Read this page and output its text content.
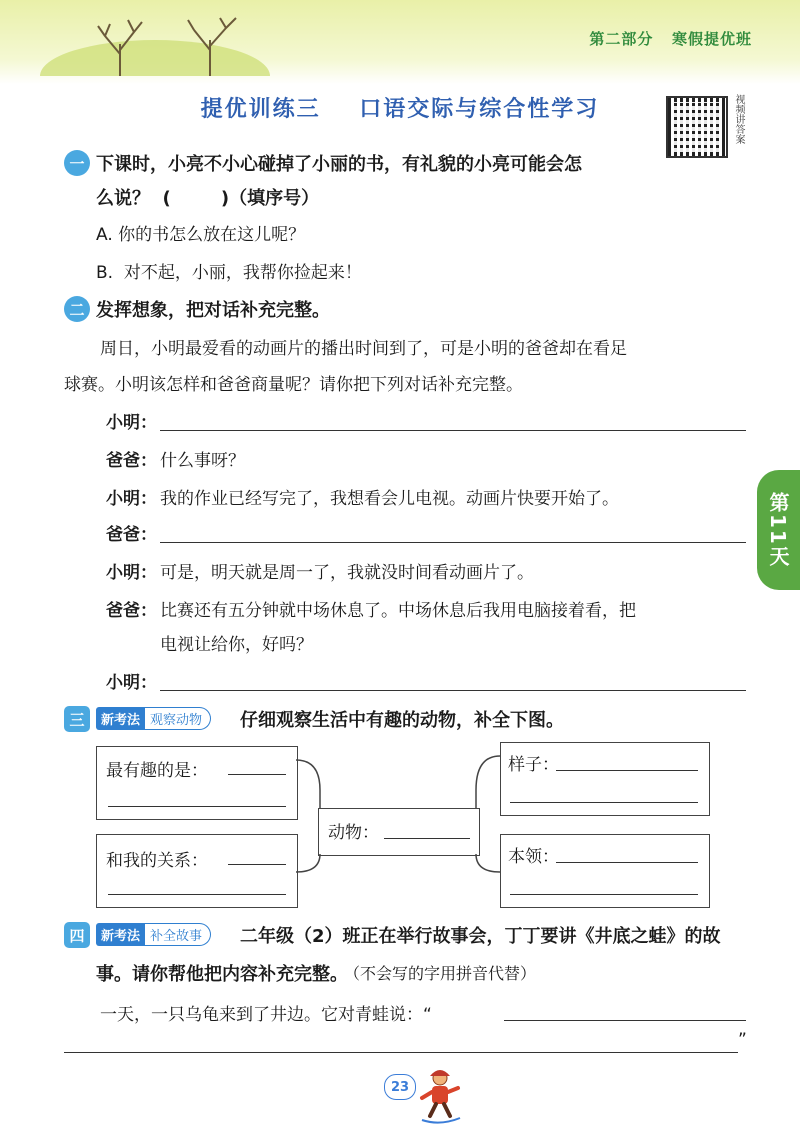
第二部分   寒假提优班
提优训练三    口语交际与综合性学习	视频讲答案
第11天
一 下课时，小亮不小心碰掉了小丽的书，有礼貌的小亮可能会怎
么说？  (        )（填序号）
A. 你的书怎么放在这儿呢？
B.  对不起，小丽，我帮你捡起来！
二 发挥想象，把对话补充完整。
周日，小明最爱看的动画片的播出时间到了，可是小明的爸爸却在看足
球赛。小明该怎样和爸爸商量呢？请你把下列对话补充完整。
小明：
爸爸： 什么事呀？
小明： 我的作业已经写完了，我想看会儿电视。动画片快要开始了。
爸爸：
小明： 可是，明天就是周一了，我就没时间看动画片了。
爸爸： 比赛还有五分钟就中场休息了。中场休息后我用电脑接着看，把
电视让给你，好吗？
小明：
三	新考法 观察动物	仔细观察生活中有趣的动物，补全下图。
最有趣的是：
和我的关系：
动物：
样子：
本领：
四	新考法 补全故事	二年级（2）班正在举行故事会，丁丁要讲《井底之蛙》的故
事。请你帮他把内容补充完整。
（不会写的字用拼音代替）
一天，一只乌龟来到了井边。它对青蛙说：“
”
23
